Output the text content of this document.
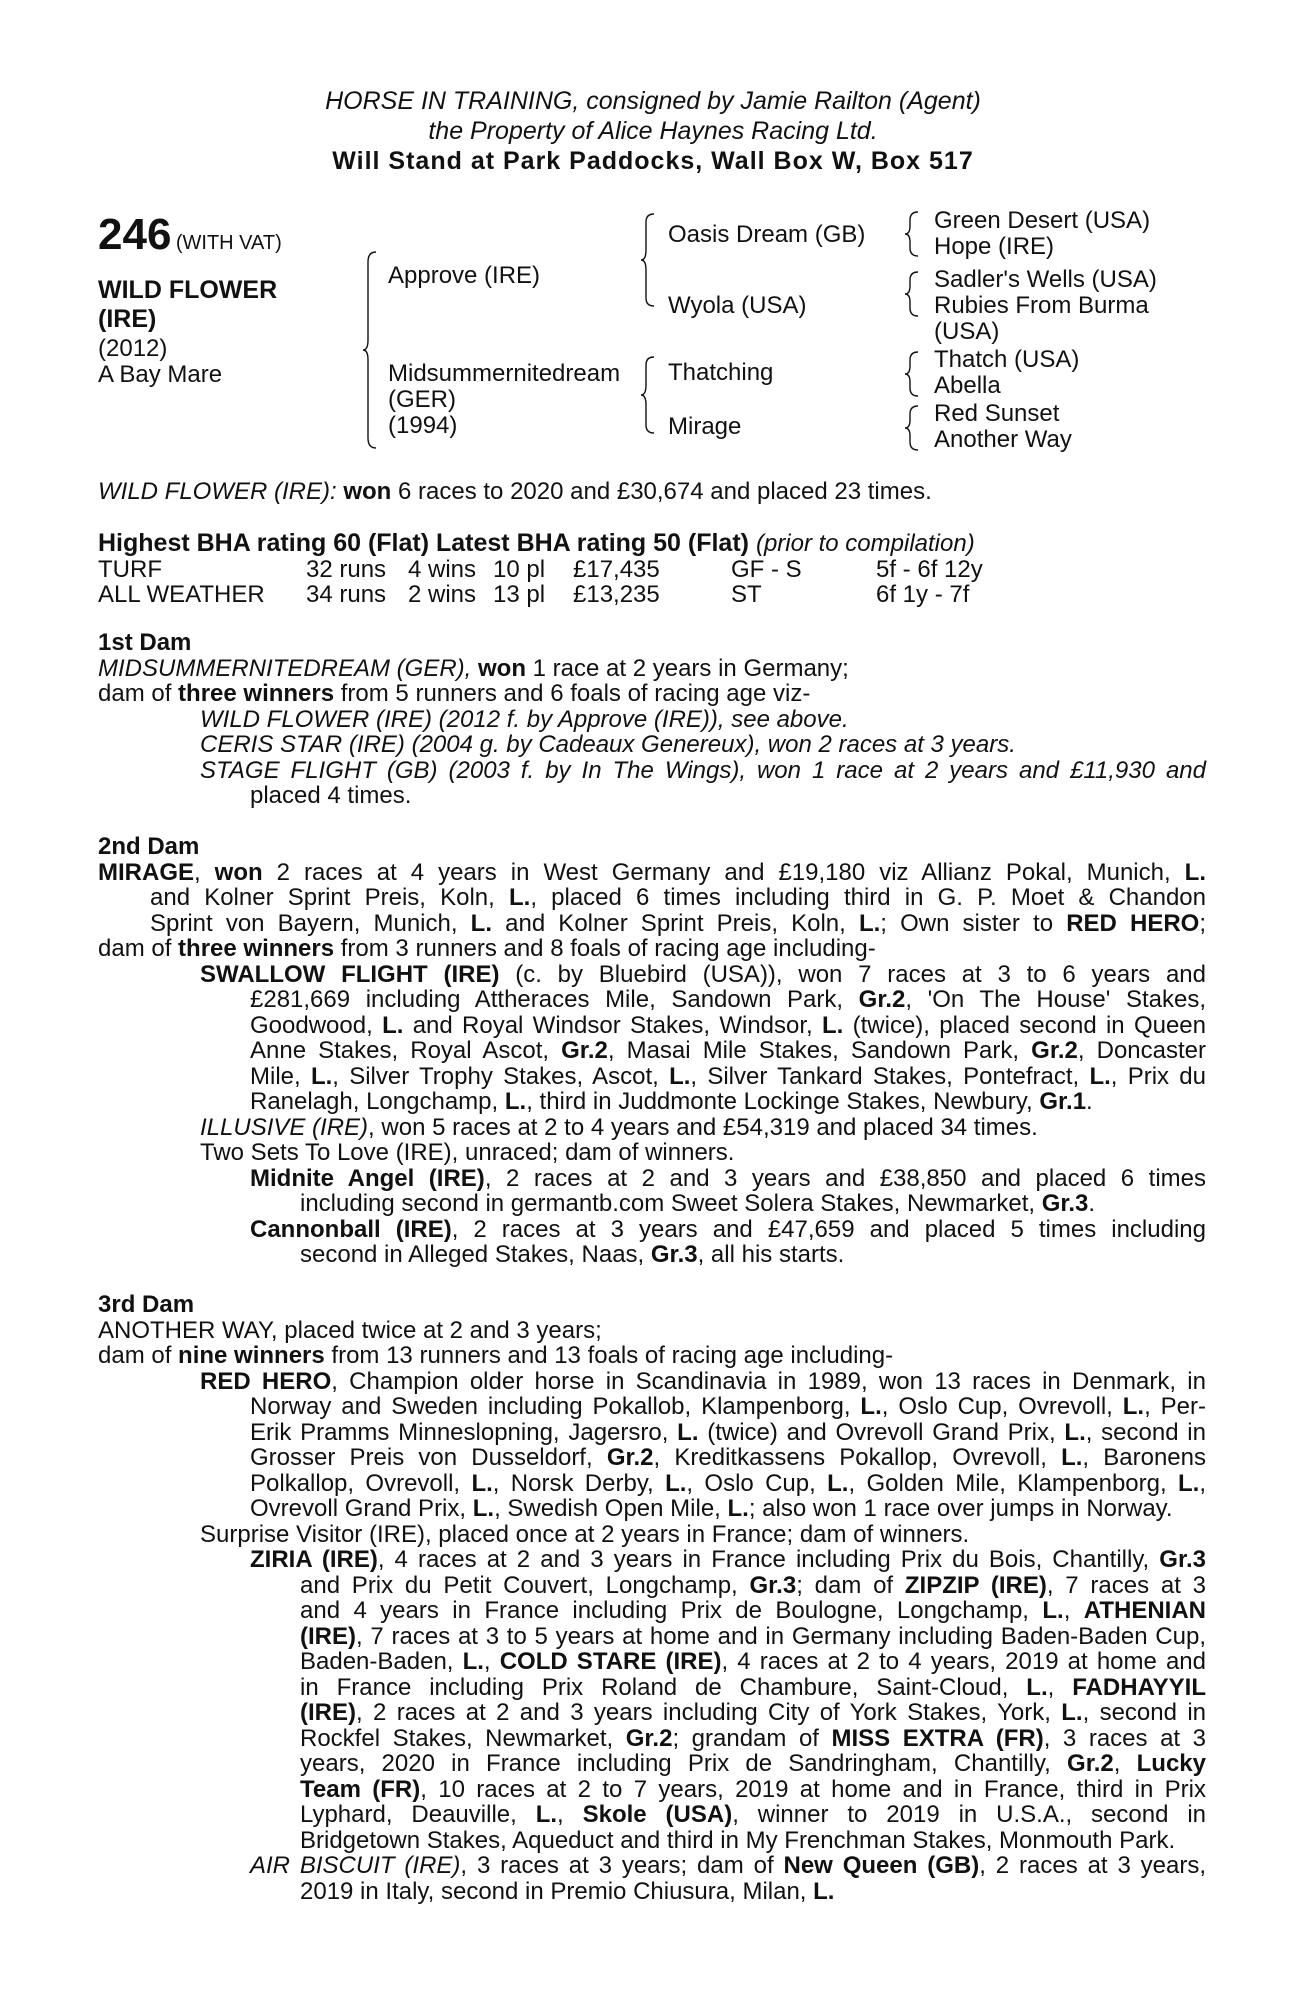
HORSE IN TRAINING, consigned by Jamie Railton (Agent)
the Property of Alice Haynes Racing Ltd.
Will Stand at Park Paddocks, Wall Box W, Box 517
246 (WITH VAT)
WILD FLOWER
(IRE)
(2012)
A Bay Mare
Approve (IRE)
Midsummernitedream
(GER)
(1994)
Oasis Dream (GB)
Wyola (USA)
Thatching
Mirage
Green Desert (USA)
Hope (IRE)
Sadler's Wells (USA)
Rubies From Burma
(USA)
Thatch (USA)
Abella
Red Sunset
Another Way
WILD FLOWER (IRE): won 6 races to 2020 and £30,674 and placed 23 times.
Highest BHA rating 60 (Flat) Latest BHA rating 50 (Flat) (prior to compilation)
TURF	32 runs	4 wins	10 pl	£17,435	GF - S	5f - 6f 12y
ALL WEATHER	34 runs	2 wins	13 pl	£13,235	ST	6f 1y - 7f
1st Dam
MIDSUMMERNITEDREAM (GER), won 1 race at 2 years in Germany;
dam of three winners from 5 runners and 6 foals of racing age viz-
WILD FLOWER (IRE) (2012 f. by Approve (IRE)), see above.
CERIS STAR (IRE) (2004 g. by Cadeaux Genereux), won 2 races at 3 years.
STAGE FLIGHT (GB) (2003 f. by In The Wings), won 1 race at 2 years and £11,930 and
placed 4 times.
2nd Dam
MIRAGE, won 2 races at 4 years in West Germany and £19,180 viz Allianz Pokal, Munich, L.
and Kolner Sprint Preis, Koln, L., placed 6 times including third in G. P. Moet & Chandon
Sprint von Bayern, Munich, L. and Kolner Sprint Preis, Koln, L.; Own sister to RED HERO;
dam of three winners from 3 runners and 8 foals of racing age including-
SWALLOW FLIGHT (IRE) (c. by Bluebird (USA)), won 7 races at 3 to 6 years and
£281,669 including Attheraces Mile, Sandown Park, Gr.2, 'On The House' Stakes,
Goodwood, L. and Royal Windsor Stakes, Windsor, L. (twice), placed second in Queen
Anne Stakes, Royal Ascot, Gr.2, Masai Mile Stakes, Sandown Park, Gr.2, Doncaster
Mile, L., Silver Trophy Stakes, Ascot, L., Silver Tankard Stakes, Pontefract, L., Prix du
Ranelagh, Longchamp, L., third in Juddmonte Lockinge Stakes, Newbury, Gr.1.
ILLUSIVE (IRE), won 5 races at 2 to 4 years and £54,319 and placed 34 times.
Two Sets To Love (IRE), unraced; dam of winners.
Midnite Angel (IRE), 2 races at 2 and 3 years and £38,850 and placed 6 times
including second in germantb.com Sweet Solera Stakes, Newmarket, Gr.3.
Cannonball (IRE), 2 races at 3 years and £47,659 and placed 5 times including
second in Alleged Stakes, Naas, Gr.3, all his starts.
3rd Dam
ANOTHER WAY, placed twice at 2 and 3 years;
dam of nine winners from 13 runners and 13 foals of racing age including-
RED HERO, Champion older horse in Scandinavia in 1989, won 13 races in Denmark, in
Norway and Sweden including Pokallob, Klampenborg, L., Oslo Cup, Ovrevoll, L., Per-
Erik Pramms Minneslopning, Jagersro, L. (twice) and Ovrevoll Grand Prix, L., second in
Grosser Preis von Dusseldorf, Gr.2, Kreditkassens Pokallop, Ovrevoll, L., Baronens
Polkallop, Ovrevoll, L., Norsk Derby, L., Oslo Cup, L., Golden Mile, Klampenborg, L.,
Ovrevoll Grand Prix, L., Swedish Open Mile, L.; also won 1 race over jumps in Norway.
Surprise Visitor (IRE), placed once at 2 years in France; dam of winners.
ZIRIA (IRE), 4 races at 2 and 3 years in France including Prix du Bois, Chantilly, Gr.3
and Prix du Petit Couvert, Longchamp, Gr.3; dam of ZIPZIP (IRE), 7 races at 3
and 4 years in France including Prix de Boulogne, Longchamp, L., ATHENIAN
(IRE), 7 races at 3 to 5 years at home and in Germany including Baden-Baden Cup,
Baden-Baden, L., COLD STARE (IRE), 4 races at 2 to 4 years, 2019 at home and
in France including Prix Roland de Chambure, Saint-Cloud, L., FADHAYYIL
(IRE), 2 races at 2 and 3 years including City of York Stakes, York, L., second in
Rockfel Stakes, Newmarket, Gr.2; grandam of MISS EXTRA (FR), 3 races at 3
years, 2020 in France including Prix de Sandringham, Chantilly, Gr.2, Lucky
Team (FR), 10 races at 2 to 7 years, 2019 at home and in France, third in Prix
Lyphard, Deauville, L., Skole (USA), winner to 2019 in U.S.A., second in
Bridgetown Stakes, Aqueduct and third in My Frenchman Stakes, Monmouth Park.
AIR BISCUIT (IRE), 3 races at 3 years; dam of New Queen (GB), 2 races at 3 years,
2019 in Italy, second in Premio Chiusura, Milan, L.
